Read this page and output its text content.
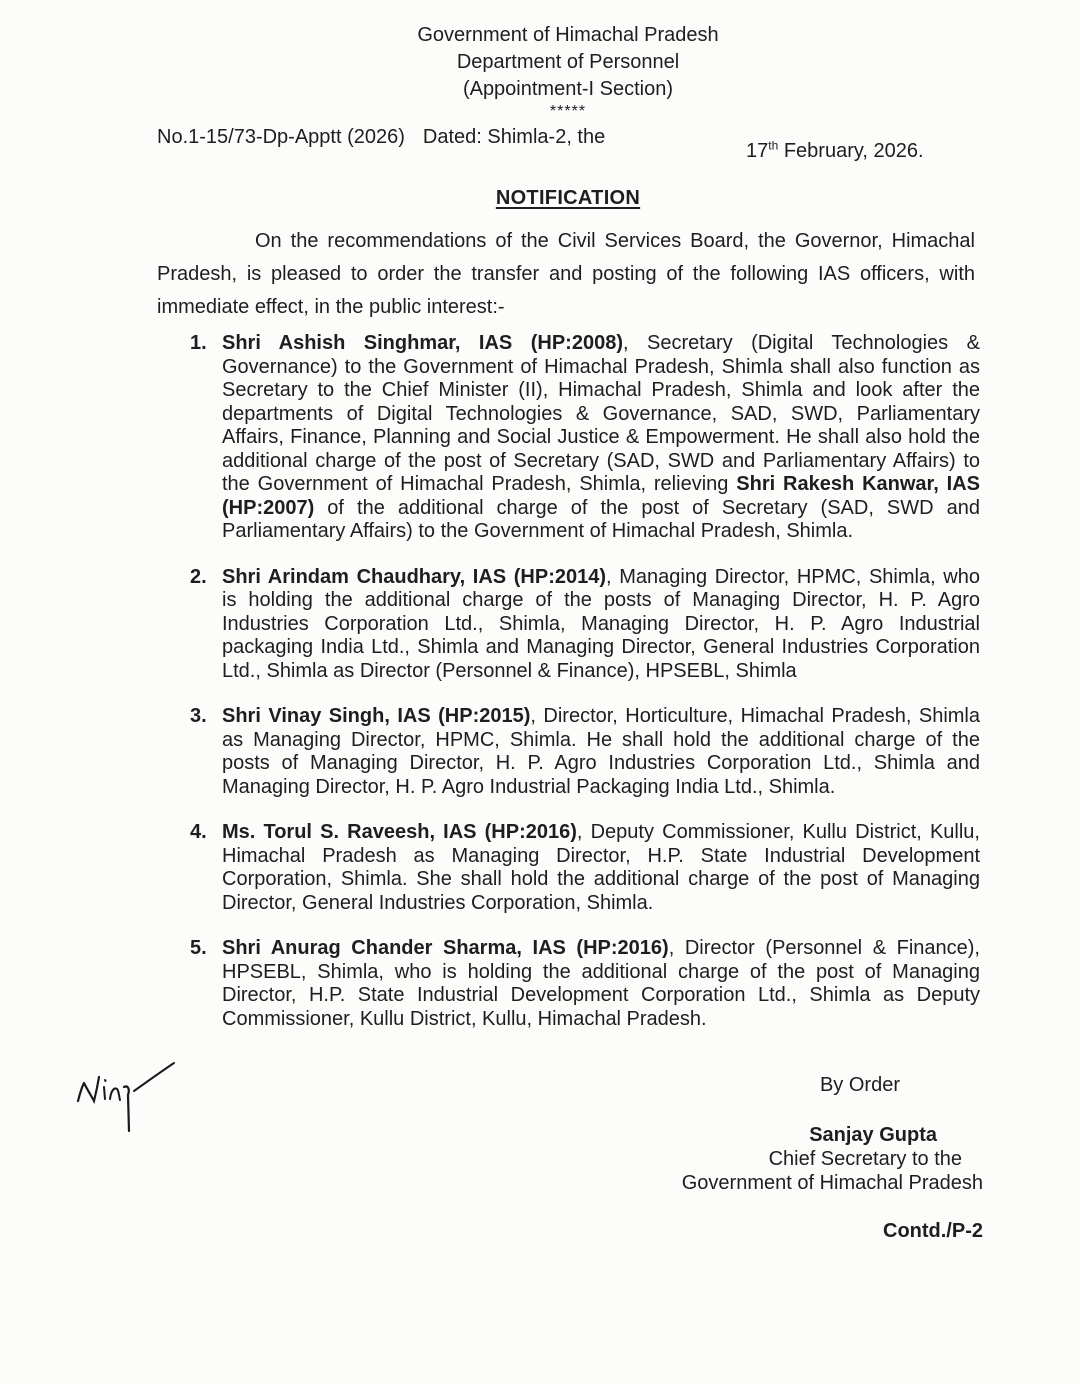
Government of Himachal Pradesh
Department of Personnel
(Appointment-I Section)
*****
No.1-15/73-Dp-Apptt (2026) Dated: Shimla-2, the
17th February, 2026.
NOTIFICATION

On the recommendations of the Civil Services Board, the Governor, Himachal Pradesh, is pleased to order the transfer and posting of the following IAS officers, with immediate effect, in the public interest:-

1. Shri Ashish Singhmar, IAS (HP:2008), Secretary (Digital Technologies & Governance) to the Government of Himachal Pradesh, Shimla shall also function as Secretary to the Chief Minister (II), Himachal Pradesh, Shimla and look after the departments of Digital Technologies & Governance, SAD, SWD, Parliamentary Affairs, Finance, Planning and Social Justice & Empowerment. He shall also hold the additional charge of the post of Secretary (SAD, SWD and Parliamentary Affairs) to the Government of Himachal Pradesh, Shimla, relieving Shri Rakesh Kanwar, IAS (HP:2007) of the additional charge of the post of Secretary (SAD, SWD and Parliamentary Affairs) to the Government of Himachal Pradesh, Shimla.
2. Shri Arindam Chaudhary, IAS (HP:2014), Managing Director, HPMC, Shimla, who is holding the additional charge of the posts of Managing Director, H. P. Agro Industries Corporation Ltd., Shimla, Managing Director, H. P. Agro Industrial packaging India Ltd., Shimla and Managing Director, General Industries Corporation Ltd., Shimla as Director (Personnel & Finance), HPSEBL, Shimla
3. Shri Vinay Singh, IAS (HP:2015), Director, Horticulture, Himachal Pradesh, Shimla as Managing Director, HPMC, Shimla. He shall hold the additional charge of the posts of Managing Director, H. P. Agro Industries Corporation Ltd., Shimla and Managing Director, H. P. Agro Industrial Packaging India Ltd., Shimla.
4. Ms. Torul S. Raveesh, IAS (HP:2016), Deputy Commissioner, Kullu District, Kullu, Himachal Pradesh as Managing Director, H.P. State Industrial Development Corporation, Shimla. She shall hold the additional charge of the post of Managing Director, General Industries Corporation, Shimla.
5. Shri Anurag Chander Sharma, IAS (HP:2016), Director (Personnel & Finance), HPSEBL, Shimla, who is holding the additional charge of the post of Managing Director, H.P. State Industrial Development Corporation Ltd., Shimla as Deputy Commissioner, Kullu District, Kullu, Himachal Pradesh.
By Order
Sanjay Gupta
Chief Secretary to the
Government of Himachal Pradesh
Contd./P-2
